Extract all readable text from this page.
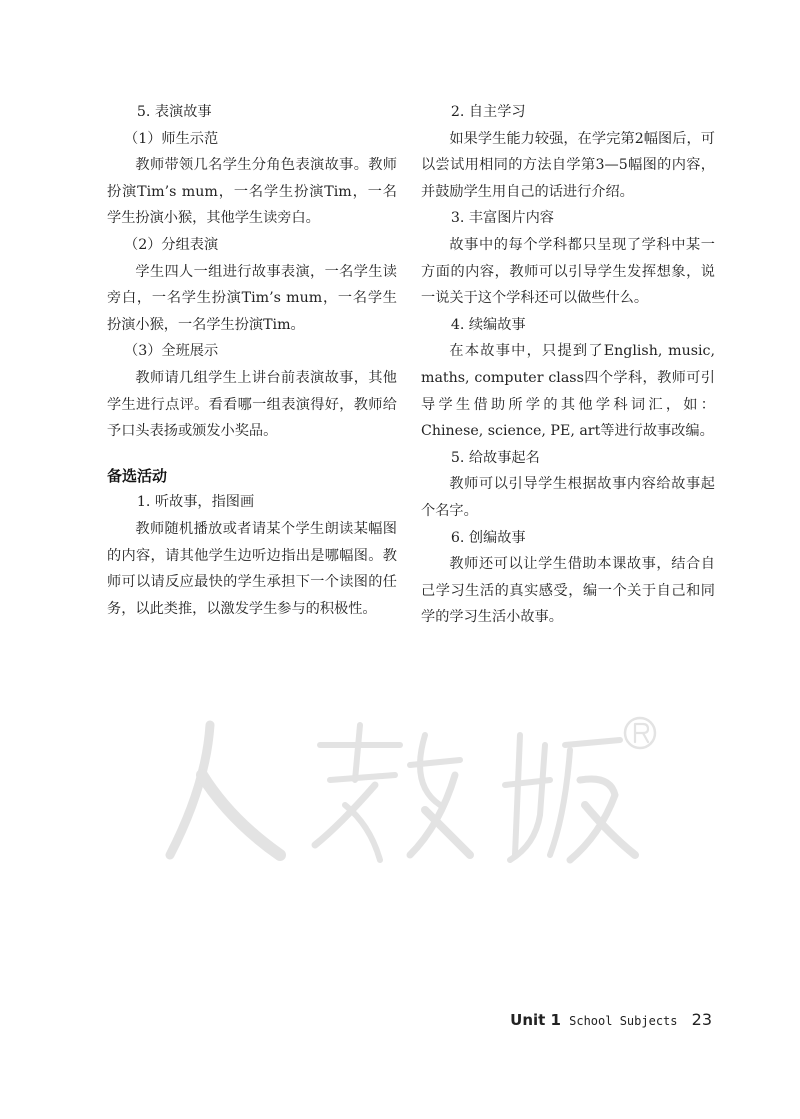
5. 表演故事

（1）师生示范

教师带领几名学生分角色表演故事。教师扮演Tim’s mum，一名学生扮演Tim，一名学生扮演小猴，其他学生读旁白。

（2）分组表演

学生四人一组进行故事表演，一名学生读旁白，一名学生扮演Tim’s mum，一名学生扮演小猴，一名学生扮演Tim。

（3）全班展示

教师请几组学生上讲台前表演故事，其他学生进行点评。看看哪一组表演得好，教师给予口头表扬或颁发小奖品。

备选活动

1. 听故事，指图画

教师随机播放或者请某个学生朗读某幅图的内容，请其他学生边听边指出是哪幅图。教师可以请反应最快的学生承担下一个读图的任务，以此类推，以激发学生参与的积极性。

2. 自主学习

如果学生能力较强，在学完第2幅图后，可以尝试用相同的方法自学第3—5幅图的内容，并鼓励学生用自己的话进行介绍。

3. 丰富图片内容

故事中的每个学科都只呈现了学科中某一方面的内容，教师可以引导学生发挥想象，说一说关于这个学科还可以做些什么。

4. 续编故事

在本故事中，只提到了English, music, maths, computer class四个学科，教师可引导学生借助所学的其他学科词汇，如：Chinese, science, PE, art等进行故事改编。

5. 给故事起名

教师可以引导学生根据故事内容给故事起个名字。

6. 创编故事

教师还可以让学生借助本课故事，结合自己学习生活的真实感受，编一个关于自己和同学的学习生活小故事。

Unit 1 School Subjects 23
